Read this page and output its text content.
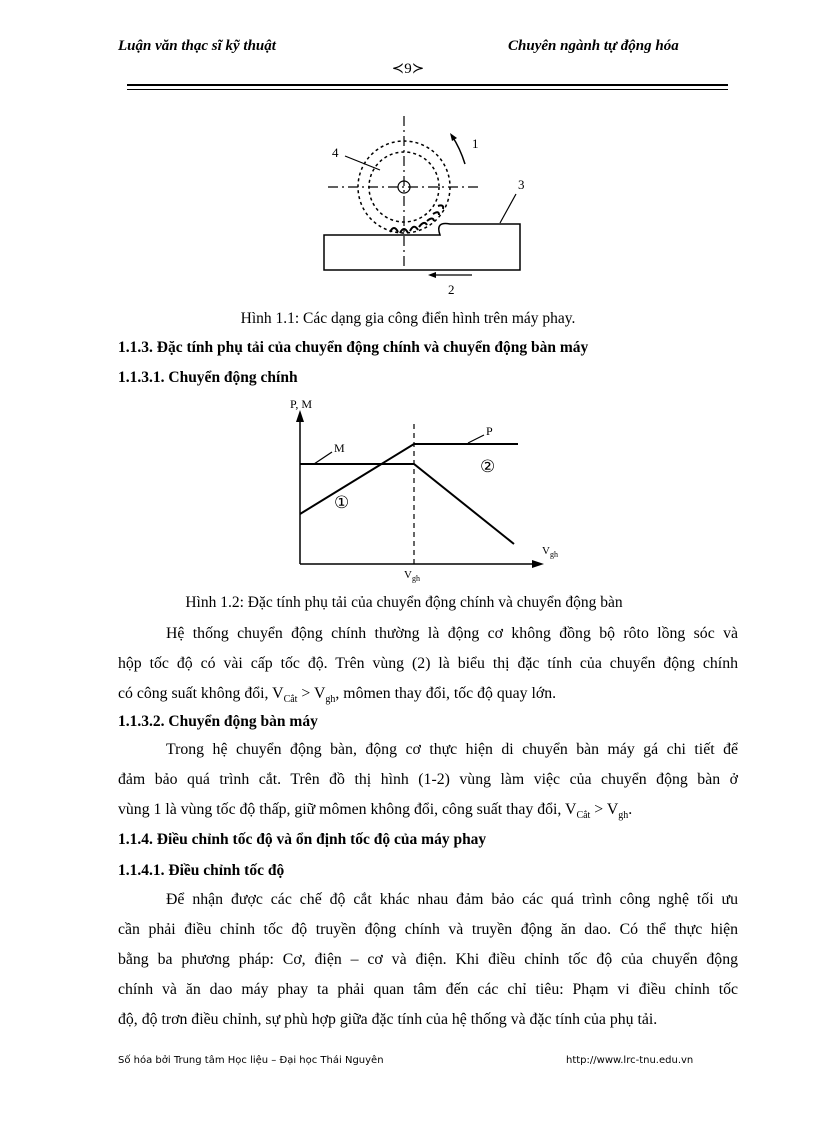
Luận văn thạc sĩ kỹ thuật	Chuyên ngành tự động hóa
≺9≻
1
2
3
4
Hình 1.1: Các dạng gia công điển hình trên máy phay.
1.1.3. Đặc tính phụ tải của chuyển động chính và chuyển động bàn máy
1.1.3.1. Chuyển động chính
P, M
M
P
①
②
$V_{gh}$
$V_{gh}$
Hình 1.2: Đặc tính phụ tải của chuyển động chính và chuyển động bàn
Hệ thống chuyển động chính thường là động cơ không đồng bộ rôto lồng sóc và
hộp tốc độ có vài cấp tốc độ. Trên vùng (2) là biểu thị đặc tính của chuyển động chính
có công suất không đổi, $V_{Cắt} > V_{gh}$, mômen thay đổi, tốc độ quay lớn.
1.1.3.2. Chuyển động bàn máy
Trong hệ chuyển động bàn, động cơ thực hiện di chuyển bàn máy gá chi tiết để
đảm bảo quá trình cắt. Trên đồ thị hình (1-2) vùng làm việc của chuyển động bàn ở
vùng 1 là vùng tốc độ thấp, giữ mômen không đổi, công suất thay đổi, $V_{Cắt} > V_{gh}$.
1.1.4. Điều chỉnh tốc độ và ổn định tốc độ của máy phay
1.1.4.1. Điều chỉnh tốc độ
Để nhận được các chế độ cắt khác nhau đảm bảo các quá trình công nghệ tối ưu
cần phải điều chỉnh tốc độ truyền động chính và truyền động ăn dao. Có thể thực hiện
bằng ba phương pháp: Cơ, điện – cơ và điện. Khi điều chỉnh tốc độ của chuyển động
chính và ăn dao máy phay ta phải quan tâm đến các chỉ tiêu: Phạm vi điều chỉnh tốc
độ, độ trơn điều chỉnh, sự phù hợp giữa đặc tính của hệ thống và đặc tính của phụ tải.
Số hóa bởi Trung tâm Học liệu – Đại học Thái Nguyên	http://www.lrc-tnu.edu.vn
